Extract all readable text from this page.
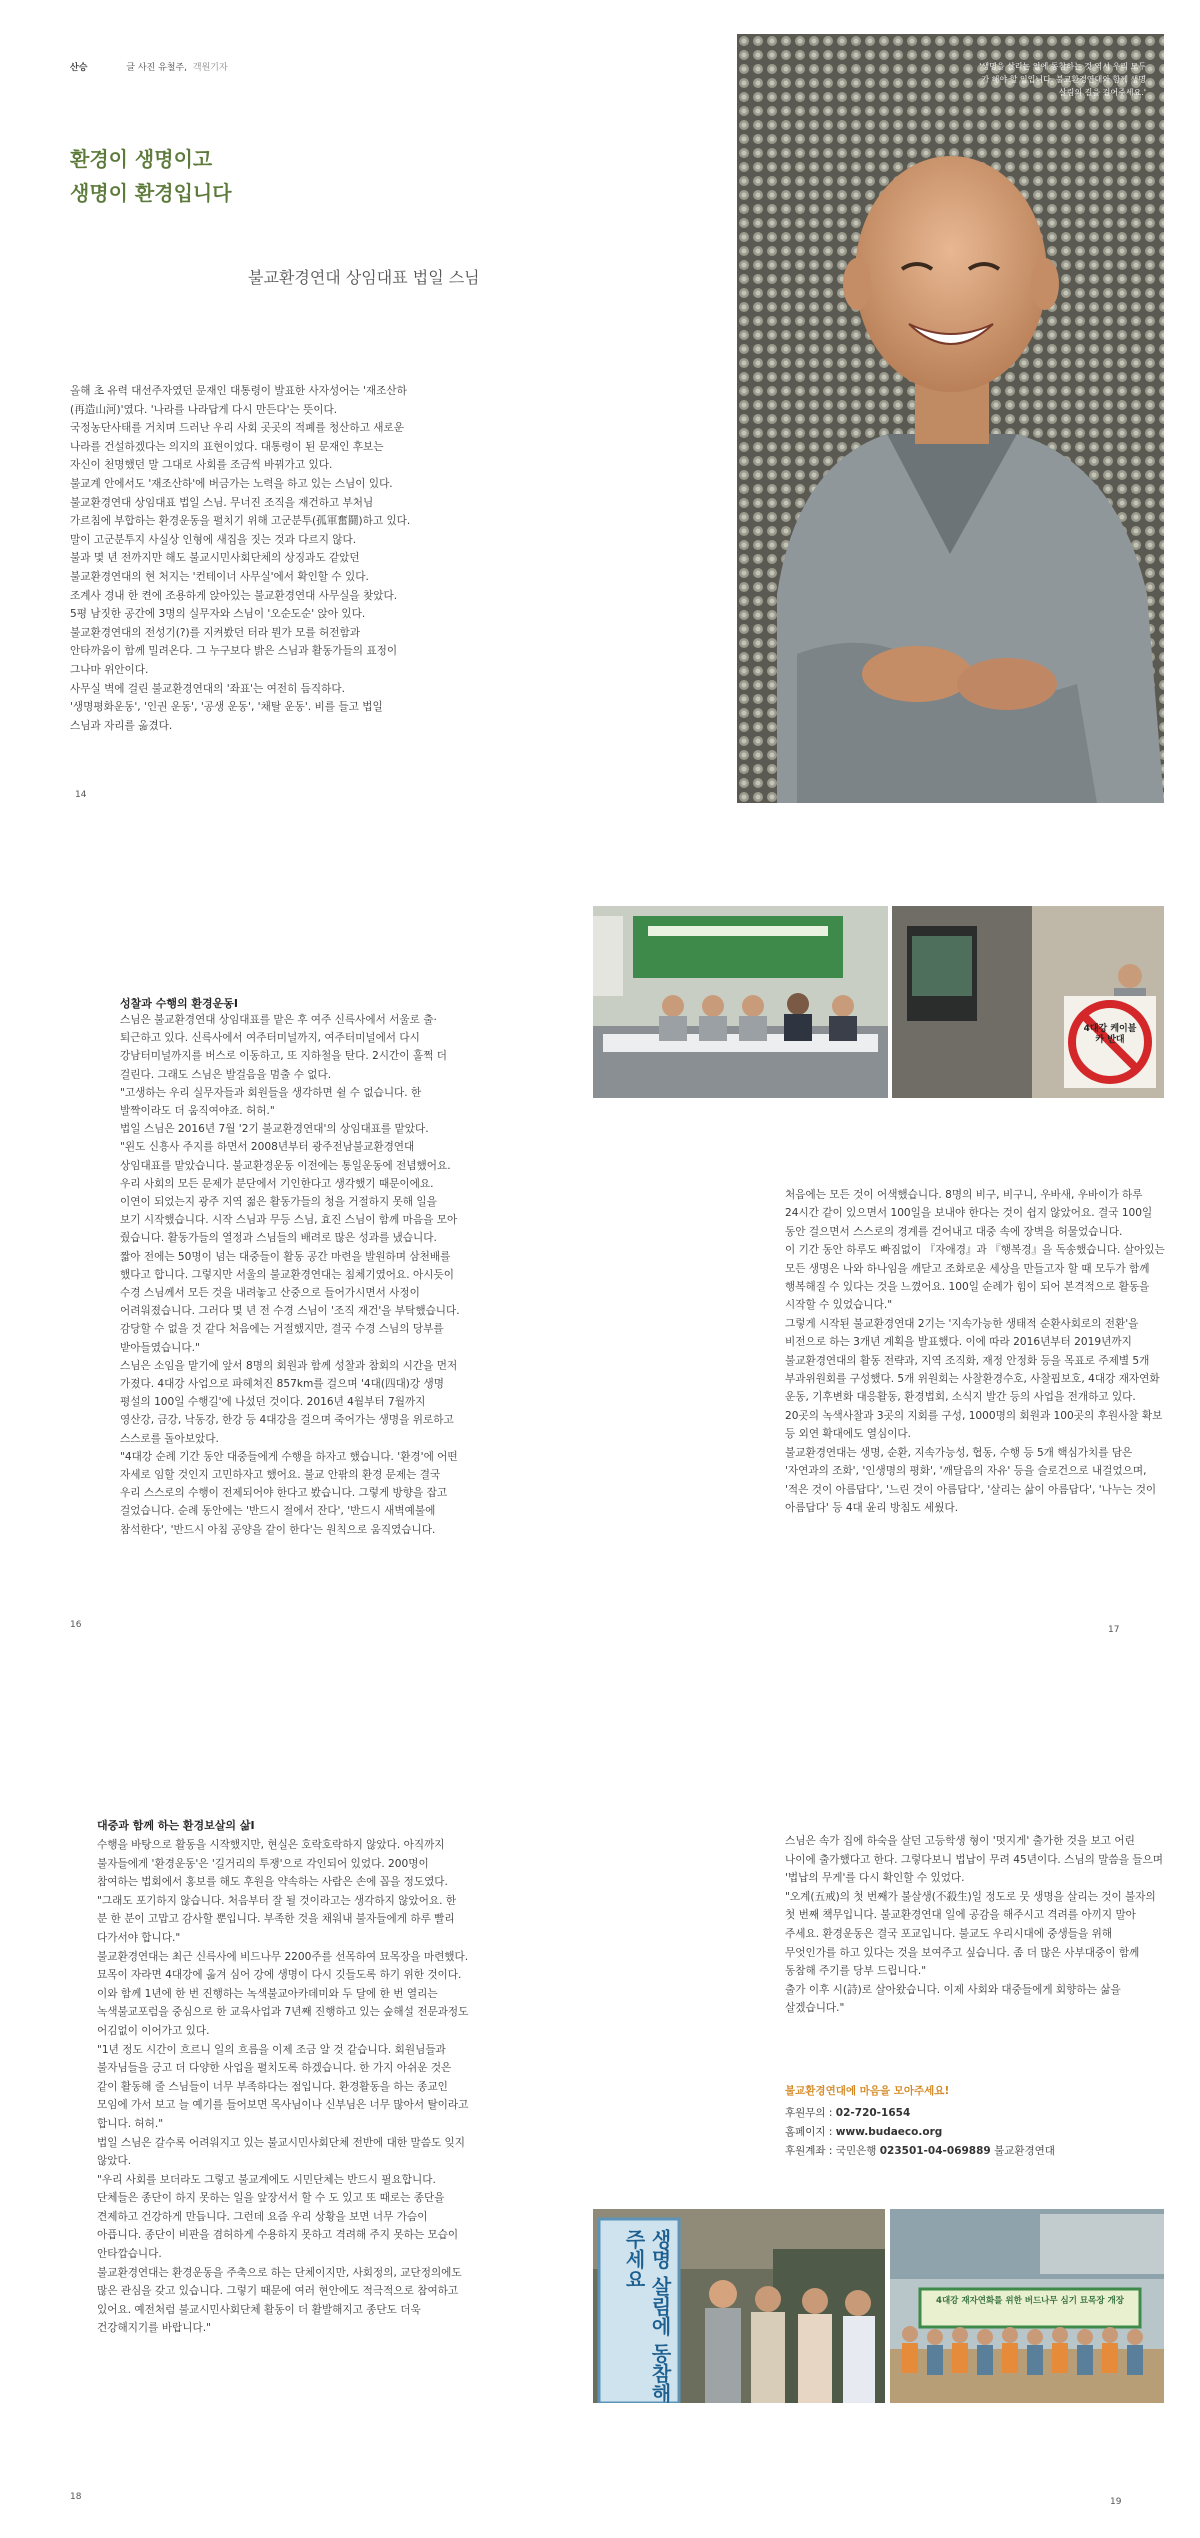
산승	글 사진 유철주, 객원기자
환경이 생명이고
생명이 환경입니다
불교환경연대 상임대표 법일 스님
올해 초 유력 대선주자였던 문재인 대통령이 발표한 사자성어는 '재조산하(再造山河)'였다. '나라를 나라답게 다시 만든다'는 뜻이다. 국정농단사태를 거치며 드러난 우리 사회 곳곳의 적폐를 청산하고 새로운 나라를 건설하겠다는 의지의 표현이었다. 대통령이 된 문재인 후보는 자신이 천명했던 말 그대로 사회를 조금씩 바꿔가고 있다.
불교계 안에서도 '재조산하'에 버금가는 노력을 하고 있는 스님이 있다. 불교환경연대 상임대표 법일 스님. 무너진 조직을 재건하고 부처님 가르침에 부합하는 환경운동을 펼치기 위해 고군분투(孤軍奮鬪)하고 있다. 말이 고군분투지 사실상 인형에 새집을 짓는 것과 다르지 않다.
불과 몇 년 전까지만 해도 불교시민사회단체의 상징과도 같았던 불교환경연대의 현 처지는 '컨테이너 사무실'에서 확인할 수 있다.
조계사 경내 한 켠에 조용하게 앉아있는 불교환경연대 사무실을 찾았다. 5평 남짓한 공간에 3명의 실무자와 스님이 '오순도순' 앉아 있다. 불교환경연대의 전성기(?)를 지켜봤던 터라 뭔가 모를 허전함과 안타까움이 함께 밀려온다. 그 누구보다 밝은 스님과 활동가들의 표정이 그나마 위안이다.
사무실 벽에 걸린 불교환경연대의 '좌표'는 여전히 듬직하다. '생명평화운동', '인권 운동', '공생 운동', '채탈 운동'. 비를 들고 법일 스님과 자리를 옮겼다.
14
'생명을 살리는 일에 동참하는 것 역시 우리 모두가 해야 할 일입니다. 불교환경연대와 함께 생명 살림의 길을 걸어주세요.'
4대강 케이블카 반대
성찰과 수행의 환경운동Ⅰ
스님은 불교환경연대 상임대표를 맡은 후 여주 신륵사에서 서울로 출·퇴근하고 있다. 신륵사에서 여주터미널까지, 여주터미널에서 다시 강남터미널까지를 버스로 이동하고, 또 지하철을 탄다. 2시간이 훌쩍 더 걸린다. 그래도 스님은 발걸음을 멈출 수 없다.
"고생하는 우리 실무자들과 회원들을 생각하면 쉴 수 없습니다. 한 발짝이라도 더 움직여야죠. 허허."
법일 스님은 2016년 7월 '2기 불교환경연대'의 상임대표를 맡았다.
"왼도 신흥사 주지를 하면서 2008년부터 광주전남불교환경연대 상임대표를 맡았습니다. 불교환경운동 이전에는 통일운동에 전념했어요. 우리 사회의 모든 문제가 분단에서 기인한다고 생각했기 때문이에요. 이연이 되었는지 광주 지역 젊은 활동가들의 청을 거절하지 못해 일을 보기 시작했습니다. 시작 스님과 무등 스님, 효진 스님이 함께 마음을 모아 줬습니다. 활동가들의 열정과 스님들의 배려로 많은 성과를 냈습니다. 짧아 전에는 50명이 넘는 대중들이 활동 공간 마련을 발원하며 삼천배를 했다고 합니다. 그렇지만 서울의 불교환경연대는 침체기였어요. 아시듯이 수경 스님께서 모든 것을 내려놓고 산중으로 들어가시면서 사정이 어려워졌습니다. 그러다 몇 년 전 수경 스님이 '조직 재건'을 부탁했습니다. 감당할 수 없을 것 같다 처음에는 거절했지만, 결국 수경 스님의 당부를 받아들였습니다."
스님은 소임을 맡기에 앞서 8명의 회원과 함께 성찰과 참회의 시간을 먼저 가졌다. 4대강 사업으로 파헤쳐진 857km를 걸으며 '4대(四대)강 생명 평설의 100일 수행길'에 나섰던 것이다. 2016년 4월부터 7월까지 영산강, 금강, 낙동강, 한강 등 4대강을 걸으며 죽어가는 생명을 위로하고 스스로를 돌아보았다.
"4대강 순례 기간 동안 대중들에게 수행을 하자고 했습니다. '환경'에 어떤 자세로 임할 것인지 고민하자고 했어요. 불교 안팎의 환경 문제는 결국 우리 스스로의 수행이 전제되어야 한다고 봤습니다. 그렇게 방향을 잡고 걸었습니다. 순례 동안에는 '반드시 절에서 잔다', '반드시 새벽예불에 참석한다', '반드시 아침 공양을 같이 한다'는 원칙으로 움직였습니다.
처음에는 모든 것이 어색했습니다. 8명의 비구, 비구니, 우바새, 우바이가 하루 24시간 같이 있으면서 100일을 보내야 한다는 것이 쉽지 않았어요. 결국 100일 동안 걸으면서 스스로의 경계를 걷어내고 대중 속에 장벽을 허물었습니다.
이 기간 동안 하루도 빠짐없이 『자애경』과 『행복경』을 독송했습니다. 살아있는 모든 생명은 나와 하나임을 깨닫고 조화로운 세상을 만들고자 할 때 모두가 함께 행복해질 수 있다는 것을 느꼈어요. 100일 순례가 힘이 되어 본격적으로 활동을 시작할 수 있었습니다."
그렇게 시작된 불교환경연대 2기는 '지속가능한 생태적 순환사회로의 전환'을 비전으로 하는 3개년 계획을 발표했다. 이에 따라 2016년부터 2019년까지 불교환경연대의 활동 전략과, 지역 조직화, 재정 안정화 등을 목표로 주제별 5개 부과위원회를 구성했다. 5개 위원회는 사찰환경수호, 사찰핍보호, 4대강 재자연화 운동, 기후변화 대응활동, 환경법회, 소식지 발간 등의 사업을 전개하고 있다. 20곳의 녹색사찰과 3곳의 지회를 구성, 1000명의 회원과 100곳의 후원사찰 확보 등 외연 확대에도 열심이다.
불교환경연대는 생명, 순환, 지속가능성, 협동, 수행 등 5개 핵심가치를 담은 '자연과의 조화', '인생명의 평화', '깨달음의 자유' 등을 슬로건으로 내걸었으며, '적은 것이 아름답다', '느린 것이 아름답다', '살리는 삶이 아름답다', '나누는 것이 아름답다' 등 4대 윤리 방침도 세웠다.
16	17
대중과 함께 하는 환경보살의 삶Ⅰ
수행을 바탕으로 활동을 시작했지만, 현실은 호락호락하지 않았다. 아직까지 불자들에게 '환경운동'은 '길거리의 투쟁'으로 각인되어 있었다. 200명이 참여하는 법회에서 홍보를 해도 후원을 약속하는 사람은 손에 꼽을 정도였다.
"그래도 포기하지 않습니다. 처음부터 잘 될 것이라고는 생각하지 않았어요. 한 분 한 분이 고맙고 감사할 뿐입니다. 부족한 것을 채워내 불자들에게 하루 빨리 다가서야 합니다."
불교환경연대는 최근 신륵사에 비드나무 2200주를 선목하여 묘목장을 마련했다. 묘목이 자라면 4대강에 옮겨 심어 강에 생명이 다시 깃들도록 하기 위한 것이다. 이와 함께 1년에 한 번 진행하는 녹색불교아카데미와 두 달에 한 번 열리는 녹색불교포럼을 중심으로 한 교육사업과 7년째 진행하고 있는 숲해설 전문과정도 어김없이 이어가고 있다.
"1년 정도 시간이 흐르니 일의 흐름을 이제 조금 알 것 같습니다. 회원님들과 불자님들을 긍고 더 다양한 사업을 펼치도록 하겠습니다. 한 가지 아쉬운 것은 같이 활동해 줄 스님들이 너무 부족하다는 점입니다. 환경활동을 하는 종교인 모임에 가서 보고 늘 예기를 들어보면 목사님이나 신부님은 너무 많아서 탈이라고 합니다. 허허."
법일 스님은 갈수록 어려워지고 있는 불교시민사회단체 전반에 대한 말씀도 잊지 않았다.
"우리 사회를 보더라도 그렇고 불교계에도 시민단체는 반드시 필요합니다. 단체들은 종단이 하지 못하는 일을 앞장서서 할 수 도 있고 또 때로는 종단을 견제하고 건강하게 만듭니다. 그런데 요즘 우리 상황을 보면 너무 가슴이 아픕니다. 종단이 비판을 겸허하게 수용하지 못하고 격려해 주지 못하는 모습이 안타깝습니다.
불교환경연대는 환경운동을 주축으로 하는 단체이지만, 사회정의, 교단정의에도 많은 관심을 갖고 있습니다. 그렇기 때문에 여러 현안에도 적극적으로 참여하고 있어요. 예전처럼 불교시민사회단체 활동이 더 활발해지고 종단도 더욱 건강해지기를 바랍니다."
스님은 속가 집에 하숙을 살던 고등학생 형이 '멋지게' 출가한 것을 보고 어린 나이에 출가했다고 한다. 그렇다보니 법납이 무려 45년이다. 스님의 말씀을 들으며 '법납의 무게'를 다시 확인할 수 있었다.
"오계(五戒)의 첫 번째가 불살생(不殺生)일 정도로 뭇 생명을 살리는 것이 불자의 첫 번째 책무입니다. 불교환경연대 일에 공감을 해주시고 격려를 아끼지 말아 주세요. 환경운동은 결국 포교입니다. 불교도 우리시대에 중생들을 위해 무엇인가를 하고 있다는 것을 보여주고 싶습니다. 좀 더 많은 사부대중이 함께 동참해 주기를 당부 드립니다."
출가 이후 시(詩)로 살아왔습니다. 이제 사회와 대중들에게 회향하는 삶을 살겠습니다."
불교환경연대에 마음을 모아주세요!
후원무의 : 02-720-1654
홈페이지 : www.budaeco.org
후원계좌 : 국민은행 023501-04-069889 불교환경연대
생명 살림에 동참해주세요
4대강 재자연화를 위한 버드나무 심기 묘목장 개장
18	19
